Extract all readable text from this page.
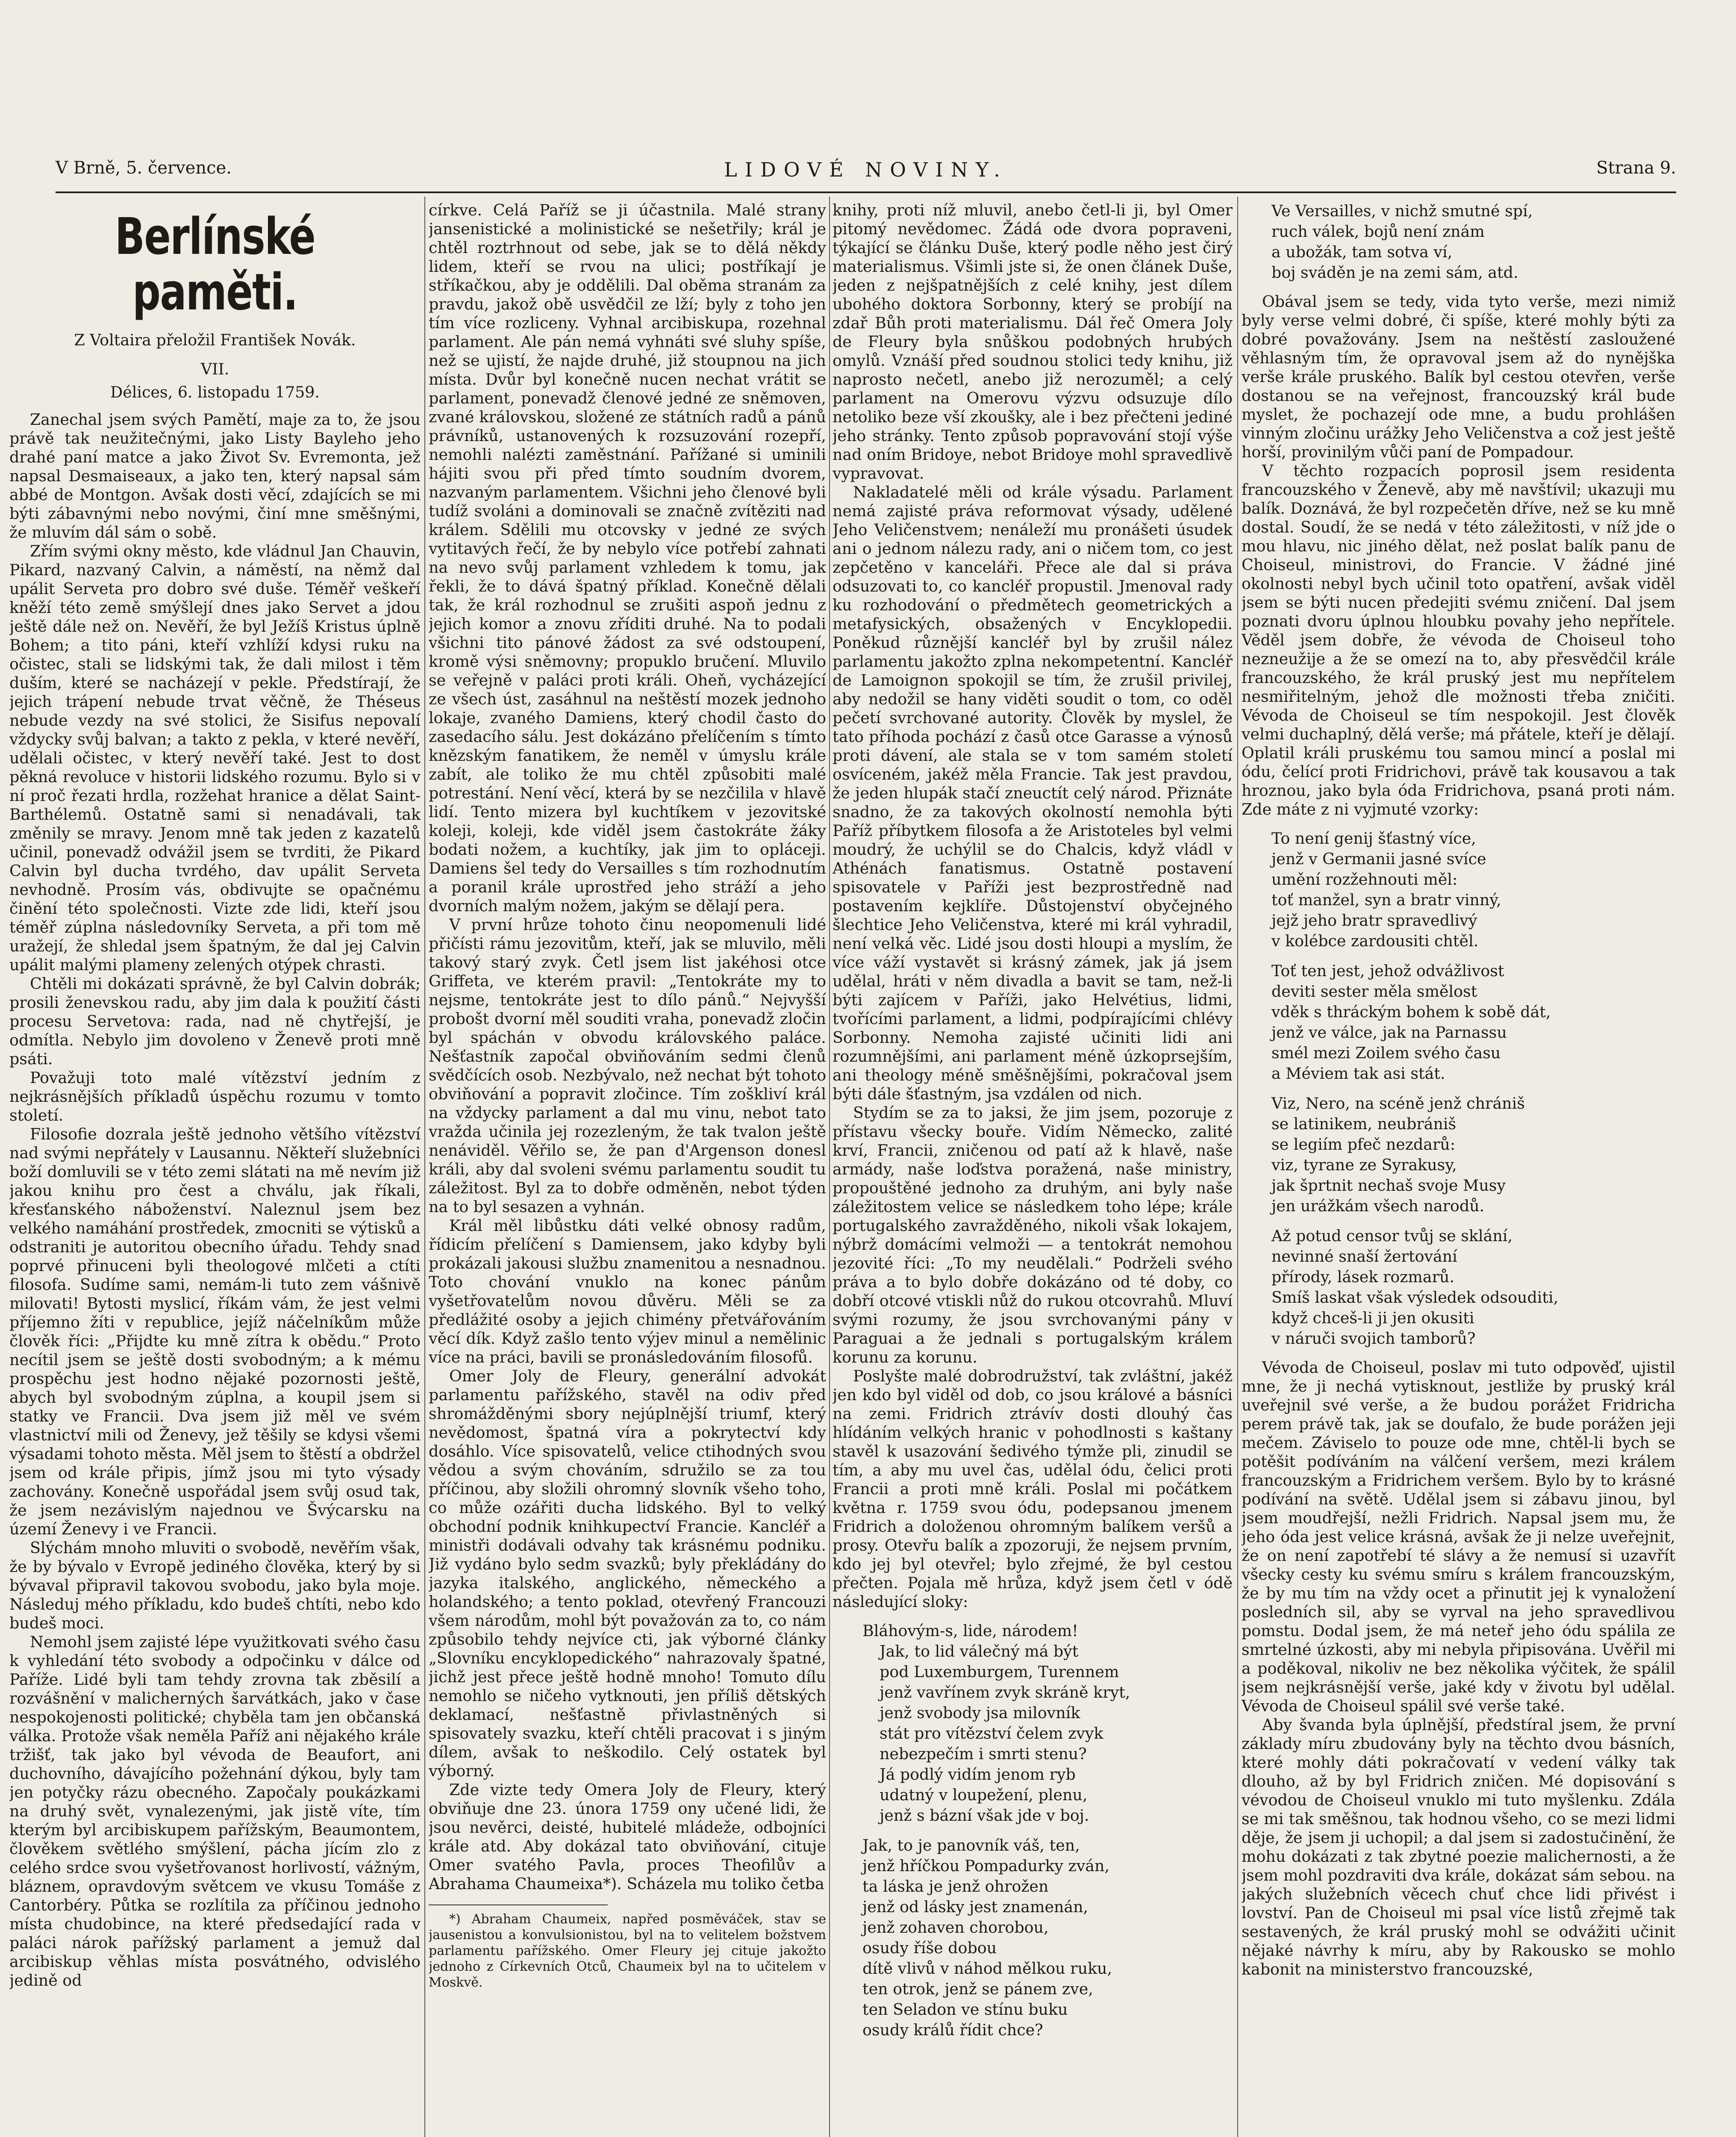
V Brně, 5. července.	LIDOVÉ NOVINY.	Strana 9.
Berlínské paměti.

Z Voltaira přeložil František Novák.

VII.

Délices, 6. listopadu 1759.

Zanechal jsem svých Pamětí, maje za to, že jsou právě tak neužitečnými, jako Listy Bayleho jeho drahé paní matce a jako Život Sv. Evremonta, jež napsal Desmaiseaux, a jako ten, který napsal sám abbé de Montgon. Avšak dosti věcí, zdajících se mi býti zábavnými nebo novými, činí mne směšnými, že mluvím dál sám o sobě.

Zřím svými okny město, kde vládnul Jan Chauvin, Pikard, nazvaný Calvin, a náměstí, na němž dal upálit Serveta pro dobro své duše. Téměř veškeří kněží této země smýšlejí dnes jako Servet a jdou ještě dále než on. Nevěří, že byl Ježíš Kristus úplně Bohem; a tito páni, kteří vzhlíží kdysi ruku na očistec, stali se lidskými tak, že dali milost i těm duším, které se nacházejí v pekle. Předstírají, že jejich trápení nebude trvat věčně, že Théseus nebude vezdy na své stolici, že Sisifus nepovalí vždycky svůj balvan; a takto z pekla, v které nevěří, udělali očistec, v který nevěří také. Jest to dost pěkná revoluce v historii lidského rozumu. Bylo si v ní proč řezati hrdla, rozžehat hranice a dělat Saint-Barthélemů. Ostatně sami si nenadávali, tak změnily se mravy. Jenom mně tak jeden z kazatelů učinil, ponevadž odvážil jsem se tvrditi, že Pikard Calvin byl ducha tvrdého, dav upálit Serveta nevhodně. Prosím vás, obdivujte se opačnému činění této společnosti. Vizte zde lidi, kteří jsou téměř zúplna následovníky Serveta, a při tom mě uražejí, že shledal jsem špatným, že dal jej Calvin upálit malými plameny zelených otýpek chrasti.

Chtěli mi dokázati správně, že byl Calvin dobrák; prosili ženevskou radu, aby jim dala k použití části procesu Servetova: rada, nad ně chytřejší, je odmítla. Nebylo jim dovoleno v Ženevě proti mně psáti.

Považuji toto malé vítězství jedním z nejkrásnějších příkladů úspěchu rozumu v tomto století.

Filosofie dozrala ještě jednoho většího vítězství nad svými nepřátely v Lausannu. Někteří služebníci boží domluvili se v této zemi slátati na mě nevím již jakou knihu pro čest a chválu, jak říkali, křesťanského náboženství. Naleznul jsem bez velkého namáhání prostředek, zmocniti se výtisků a odstraniti je autoritou obecního úřadu. Tehdy snad poprvé přinuceni byli theologové mlčeti a ctíti filosofa. Sudíme sami, nemám-li tuto zem vášnivě milovati! Bytosti myslicí, říkám vám, že jest velmi příjemno žíti v republice, jejíž náčelníkům může člověk říci: „Přijdte ku mně zítra k obědu.“ Proto necítil jsem se ještě dosti svobodným; a k mému prospěchu jest hodno nějaké pozornosti ještě, abych byl svobodným zúplna, a koupil jsem si statky ve Francii. Dva jsem již měl ve svém vlastnictví mili od Ženevy, jež těšily se kdysi všemi výsadami tohoto města. Měl jsem to štěstí a obdržel jsem od krále připis, jímž jsou mi tyto výsady zachovány. Konečně uspořádal jsem svůj osud tak, že jsem nezávislým najednou ve Švýcarsku na území Ženevy i ve Francii.

Slýchám mnoho mluviti o svobodě, nevěřím však, že by bývalo v Evropě jediného člověka, který by si bývaval připravil takovou svobodu, jako byla moje. Následuj mého příkladu, kdo budeš chtíti, nebo kdo budeš moci.

Nemohl jsem zajisté lépe využitkovati svého času k vyhledání této svobody a odpočinku v dálce od Paříže. Lidé byli tam tehdy zrovna tak zběsilí a rozvášnění v malicherných šarvátkách, jako v čase nespokojenosti politické; chyběla tam jen občanská válka. Protože však neměla Paříž ani nějakého krále tržišť, tak jako byl vévoda de Beaufort, ani duchovního, dávajícího požehnání dýkou, byly tam jen potyčky rázu obecného. Započaly poukázkami na druhý svět, vynalezenými, jak jistě víte, tím kterým byl arcibiskupem pařížským, Beaumontem, člověkem světlého smýšlení, pácha jícím zlo z celého srdce svou vyšetřovanost horlivostí, vážným, bláznem, opravdovým světcem ve vkusu Tomáše z Cantorbéry. Půtka se rozlítila za příčinou jednoho místa chudobince, na které předsedající rada v paláci nárok pařížský parlament a jemuž dal arcibiskup věhlas místa posvátného, odvislého jedině od

církve. Celá Paříž se ji účastnila. Malé strany jansenistické a molinistické se nešetřily; král je chtěl roztrhnout od sebe, jak se to dělá někdy lidem, kteří se rvou na ulici; postříkají je stříkačkou, aby je oddělili. Dal oběma stranám za pravdu, jakož obě usvědčil ze lží; byly z toho jen tím více rozliceny. Vyhnal arcibiskupa, rozehnal parlament. Ale pán nemá vyhnáti své sluhy spíše, než se ujistí, že najde druhé, již stoupnou na jich místa. Dvůr byl konečně nucen nechat vrátit se parlament, ponevadž členové jedné ze sněmoven, zvané královskou, složené ze státních radů a pánů právníků, ustanovených k rozsuzování rozepří, nemohli nalézti zaměstnání. Pařížané si uminili hájiti svou při před tímto soudním dvorem, nazvaným parlamentem. Všichni jeho členové byli tudíž svoláni a dominovali se značně zvítěziti nad králem. Sdělili mu otcovsky v jedné ze svých vytitavých řečí, že by nebylo více potřebí zahnati na nevo svůj parlament vzhledem k tomu, jak řekli, že to dává špatný příklad. Konečně dělali tak, že král rozhodnul se zrušiti aspoň jednu z jejich komor a znovu zříditi druhé. Na to podali všichni tito pánové žádost za své odstoupení, kromě výsi sněmovny; propuklo bručení. Mluvilo se veřejně v paláci proti králi. Oheň, vycházející ze všech úst, zasáhnul na neštěstí mozek jednoho lokaje, zvaného Damiens, který chodil často do zasedacího sálu. Jest dokázáno přelíčením s tímto knězským fanatikem, že neměl v úmyslu krále zabít, ale toliko že mu chtěl způsobiti malé potrestání. Není věcí, která by se nezčilila v hlavě lidí. Tento mizera byl kuchtíkem v jezovitské koleji, koleji, kde viděl jsem častokráte žáky bodati nožem, a kuchtíky, jak jim to opláceji. Damiens šel tedy do Versailles s tím rozhodnutím a poranil krále uprostřed jeho stráží a jeho dvorních malým nožem, jakým se dělají pera.

V první hrůze tohoto činu neopomenuli lidé přičísti rámu jezovitům, kteří, jak se mluvilo, měli takový starý zvyk. Četl jsem list jakéhosi otce Griffeta, ve kterém pravil: „Tentokráte my to nejsme, tentokráte jest to dílo pánů.“ Nejvyšší probošt dvorní měl souditi vraha, ponevadž zločin byl spáchán v obvodu královského paláce. Nešťastník započal obviňováním sedmi členů svědčících osob. Nezbývalo, než nechat být tohoto obviňování a popravit zločince. Tím zoškliví král na vždycky parlament a dal mu vinu, nebot tato vražda učinila jej rozezleným, že tak tvalon ještě nenáviděl. Věřilo se, že pan d'Argenson donesl králi, aby dal svoleni svému parlamentu soudit tu záležitost. Byl za to dobře odměněn, nebot týden na to byl sesazen a vyhnán.

Král měl libůstku dáti velké obnosy radům, řídicím přelíčení s Damiensem, jako kdyby byli prokázali jakousi službu znamenitou a nesnadnou. Toto chování vnuklo na konec pánům vyšetřovatelům novou důvěru. Měli se za předlážité osoby a jejich chimény přetvářováním věcí dík. Když zašlo tento výjev minul a nemělinic více na práci, bavili se pronásledováním filosofů.

Omer Joly de Fleury, generální advokát parlamentu pařížského, stavěl na odiv před shromážděnými sbory nejúplnější triumf, který nevědomost, špatná víra a pokrytectví kdy dosáhlo. Více spisovatelů, velice ctihodných svou vědou a svým chováním, sdružilo se za tou příčinou, aby složili ohromný slovník všeho toho, co může ozářiti ducha lidského. Byl to velký obchodní podnik knihkupectví Francie. Kancléř a ministři dodávali odvahy tak krásnému podniku. Již vydáno bylo sedm svazků; byly překládány do jazyka italského, anglického, německého a holandského; a tento poklad, otevřený Francouzi všem národům, mohl být považován za to, co nám způsobilo tehdy nejvíce cti, jak výborné články „Slovníku encyklopedického“ nahrazovaly špatné, jichž jest přece ještě hodně mnoho! Tomuto dílu nemohlo se ničeho vytknouti, jen příliš dětských deklamací, nešťastně přivlastněných si spisovately svazku, kteří chtěli pracovat i s jiným dílem, avšak to neškodilo. Celý ostatek byl výborný.

Zde vizte tedy Omera Joly de Fleury, který obviňuje dne 23. února 1759 ony učené lidi, že jsou nevěrci, deisté, hubitelé mládeže, odbojníci krále atd. Aby dokázal tato obviňování, cituje Omer svatého Pavla, proces Theofilův a Abrahama Chaumeixa*). Scházela mu toliko četba

*) Abraham Chaumeix, napřed posměváček, stav se jausenistou a konvulsionistou, byl na to velitelem božstvem parlamentu pařížského. Omer Fleury jej cituje jakožto jednoho z Církevních Otců, Chaumeix byl na to učitelem v Moskvě.

knihy, proti níž mluvil, anebo četl-li ji, byl Omer pitomý nevědomec. Žádá ode dvora popraveni, týkající se článku Duše, který podle něho jest čirý materialismus. Všimli jste si, že onen článek Duše, jeden z nejšpatnějších z celé knihy, jest dílem ubohého doktora Sorbonny, který se probíjí na zdař Bůh proti materialismu. Dál řeč Omera Joly de Fleury byla snůškou podobných hrubých omylů. Vznáší před soudnou stolici tedy knihu, již naprosto nečetl, anebo již nerozuměl; a celý parlament na Omerovu výzvu odsuzuje dílo netoliko beze vší zkoušky, ale i bez přečteni jediné jeho stránky. Tento způsob popravování stojí výše nad oním Bridoye, nebot Bridoye mohl spravedlivě vypravovat.

Nakladatelé měli od krále výsadu. Parlament nemá zajisté práva reformovat výsady, udělené Jeho Veličenstvem; nenáleží mu pronášeti úsudek ani o jednom nálezu rady, ani o ničem tom, co jest zepčetěno v kanceláři. Přece ale dal si práva odsuzovati to, co kancléř propustil. Jmenoval rady ku rozhodování o předmětech geometrických a metafysických, obsažených v Encyklopedii. Poněkud různější kancléř byl by zrušil nález parlamentu jakožto zplna nekompetentní. Kancléř de Lamoignon spokojil se tím, že zrušil privilej, aby nedožil se hany viděti soudit o tom, co oděl pečetí svrchované autority. Člověk by myslel, že tato příhoda pochází z časů otce Garasse a výnosů proti dávení, ale stala se v tom samém století osvíceném, jakéž měla Francie. Tak jest pravdou, že jeden hlupák stačí zneuctít celý národ. Přiznáte snadno, že za takových okolností nemohla býti Paříž příbytkem filosofa a že Aristoteles byl velmi moudrý, že uchýlil se do Chalcis, když vládl v Athénách fanatismus. Ostatně postavení spisovatele v Paříži jest bezprostředně nad postavením kejklíře. Důstojenství obyčejného šlechtice Jeho Veličenstva, které mi král vyhradil, není velká věc. Lidé jsou dosti hloupi a myslím, že více váží vystavět si krásný zámek, jak já jsem udělal, hráti v něm divadla a bavit se tam, než-li býti zajícem v Paříži, jako Helvétius, lidmi, tvořícími parlament, a lidmi, podpírajícími chlévy Sorbonny. Nemoha zajisté učiniti lidi ani rozumnějšími, ani parlament méně úzkoprsejším, ani theology méně směšnějšími, pokračoval jsem býti dále šťastným, jsa vzdálen od nich.

Stydím se za to jaksi, že jim jsem, pozoruje z přístavu všecky bouře. Vidím Německo, zalité krví, Francii, zničenou od patí až k hlavě, naše armády, naše loďstva poražená, naše ministry, propouštěné jednoho za druhým, ani byly naše záležitostem velice se následkem toho lépe; krále portugalského zavražděného, nikoli však lokajem, nýbrž domácími velmoži — a tentokrát nemohou jezovité říci: „To my neudělali.“ Podrželi svého práva a to bylo dobře dokázáno od té doby, co dobří otcové vtiskli nůž do rukou otcovrahů. Mluví svými rozumy, že jsou svrchovanými pány v Paraguai a že jednali s portugalským králem korunu za korunu.

Poslyšte malé dobrodružství, tak zvláštní, jakéž jen kdo byl viděl od dob, co jsou králové a básníci na zemi. Fridrich ztrávív dosti dlouhý čas hlídáním velkých hranic v pohodlnosti s kaštany stavěl k usazování šedivého týmže pli, zinudil se tím, a aby mu uvel čas, udělal ódu, čelici proti Francii a proti mně králi. Poslal mi počátkem května r. 1759 svou ódu, podepsanou jmenem Fridrich a doloženou ohromným balíkem veršů a prosy. Otevřu balík a zpozoruji, že nejsem prvním, kdo jej byl otevřel; bylo zřejmé, že byl cestou přečten. Pojala mě hrůza, když jsem četl v ódě následující sloky:

Bláhovým-s, lide, národem!
Jak, to lid válečný má být
pod Luxemburgem, Turennem
jenž vavřínem zvyk skráně kryt,
jenž svobody jsa milovník
stát pro vítězství čelem zvyk
nebezpečím i smrti stenu?
Já podlý vidím jenom ryb
udatný v loupežení, plenu,
jenž s bázní však jde v boj.
Jak, to je panovník váš, ten,
jenž hříčkou Pompadurky zván,
ta láska je jenž ohrožen
jenž od lásky jest znamenán,
jenž zohaven chorobou,
osudy říše dobou
dítě vlivů v náhod mělkou ruku,
ten otrok, jenž se pánem zve,
ten Seladon ve stínu buku
osudy králů řídit chce?
Ve Versailles, v nichž smutné spí,
ruch válek, bojů není znám
a ubožák, tam sotva ví,
boj sváděn je na zemi sám, atd.

Obával jsem se tedy, vida tyto verše, mezi nimiž byly verse velmi dobré, či spíše, které mohly býti za dobré považovány. Jsem na neštěstí zasloužené věhlasným tím, že opravoval jsem až do nynějška verše krále pruského. Balík byl cestou otevřen, verše dostanou se na veřejnost, francouzský král bude myslet, že pochazejí ode mne, a budu prohlášen vinným zločinu urážky Jeho Veličenstva a což jest ještě horší, provinilým vůči paní de Pompadour.

V těchto rozpacích poprosil jsem residenta francouzského v Ženevě, aby mě navštívil; ukazuji mu balík. Doznává, že byl rozpečetěn dříve, než se ku mně dostal. Soudí, že se nedá v této záležitosti, v níž jde o mou hlavu, nic jiného dělat, než poslat balík panu de Choiseul, ministrovi, do Francie. V žádné jiné okolnosti nebyl bych učinil toto opatření, avšak viděl jsem se býti nucen předejiti svému zničení. Dal jsem poznati dvoru úplnou hloubku povahy jeho nepřítele. Věděl jsem dobře, že vévoda de Choiseul toho nezneužije a že se omezí na to, aby přesvědčil krále francouzského, že král pruský jest mu nepřítelem nesmiřitelným, jehož dle možnosti třeba zničiti. Vévoda de Choiseul se tím nespokojil. Jest člověk velmi duchaplný, dělá verše; má přátele, kteří je dělají. Oplatil králi pruskému tou samou mincí a poslal mi ódu, čelící proti Fridrichovi, právě tak kousavou a tak hroznou, jako byla óda Fridrichova, psaná proti nám. Zde máte z ni vyjmuté vzorky:

To není genij šťastný více,
jenž v Germanii jasné svíce
umění rozžehnouti měl:
toť manžel, syn a bratr vinný,
jejž jeho bratr spravedlivý
v kolébce zardousiti chtěl.
Toť ten jest, jehož odvážlivost
deviti sester měla smělost
vděk s thráckým bohem k sobě dát,
jenž ve válce, jak na Parnassu
smél mezi Zoilem svého času
a Méviem tak asi stát.
Viz, Nero, na scéně jenž chrániš
se latinikem, neubrániš
se legiím pfeč nezdarů:
viz, tyrane ze Syrakusy,
jak šprtnit nechaš svoje Musy
jen urážkám všech narodů.
Až potud censor tvůj se sklání,
nevinné snaší žertování
přírody, lásek rozmarů.
Smíš laskat však výsledek odsouditi,
když chceš-li ji jen okusiti
v náruči svojich tamborů?

Vévoda de Choiseul, poslav mi tuto odpověď, ujistil mne, že ji nechá vytisknout, jestliže by pruský král uveřejnil své verše, a že budou porážet Fridricha perem právě tak, jak se doufalo, že bude porážen jeji mečem. Záviselo to pouze ode mne, chtěl-li bych se potěšit podíváním na válčení veršem, mezi králem francouzským a Fridrichem veršem. Bylo by to krásné podívání na světě. Udělal jsem si zábavu jinou, byl jsem moudřejší, nežli Fridrich. Napsal jsem mu, že jeho óda jest velice krásná, avšak že ji nelze uveřejnit, že on není zapotřebí té slávy a že nemusí si uzavřít všecky cesty ku svému smíru s králem francouzským, že by mu tím na vždy ocet a přinutit jej k vynaložení posledních sil, aby se vyrval na jeho spravedlivou pomstu. Dodal jsem, že má neteř jeho ódu spálila ze smrtelné úzkosti, aby mi nebyla připisována. Uvěřil mi a poděkoval, nikoliv ne bez několika výčitek, že spálil jsem nejkrásnější verše, jaké kdy v životu byl udělal. Vévoda de Choiseul spálil své verše také.

Aby švanda byla úplnější, předstíral jsem, že první základy míru zbudovány byly na těchto dvou básních, které mohly dáti pokračovatí v vedení války tak dlouho, až by byl Fridrich zničen. Mé dopisování s vévodou de Choiseul vnuklo mi tuto myšlenku. Zdála se mi tak směšnou, tak hodnou všeho, co se mezi lidmi děje, že jsem ji uchopil; a dal jsem si zadostučinění, že mohu dokázati z tak zbytné poezie malichernosti, a že jsem mohl pozdraviti dva krále, dokázat sám sebou. na jakých služebních věcech chuť chce lidi přivést i lovství. Pan de Choiseul mi psal více listů zřejmě tak sestavených, že král pruský mohl se odvážiti učinit nějaké návrhy k míru, aby by Rakousko se mohlo kabonit na ministerstvo francouzské,
